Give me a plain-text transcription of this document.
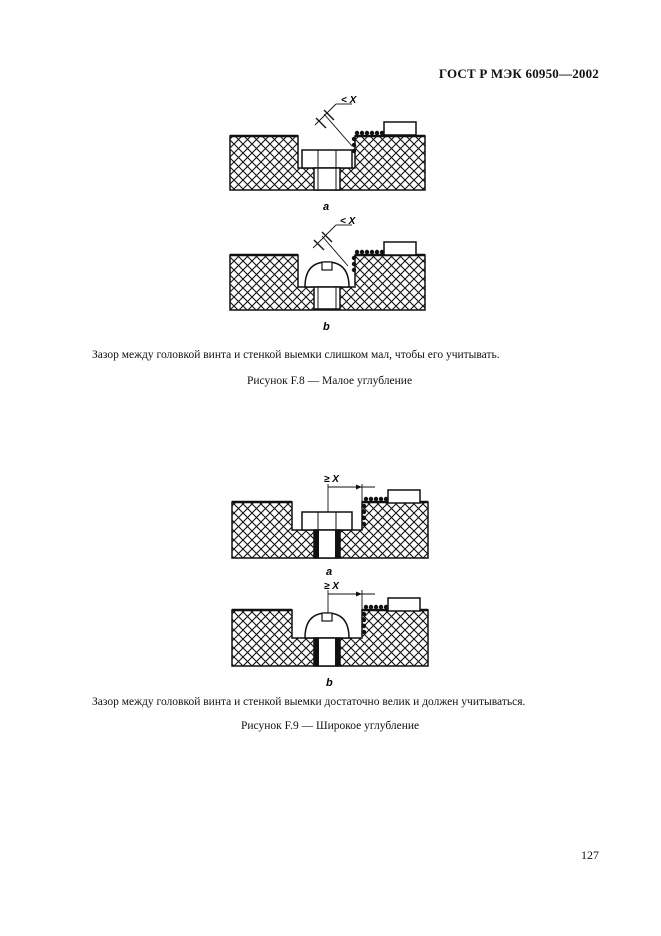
ГОСТ Р МЭК 60950—2002
< X
a
< X
b
≥ X
a
≥ X
b
Зазор между головкой винта и стенкой выемки слишком мал, чтобы его учитывать.
Рисунок F.8 — Малое углубление
Зазор между головкой винта и стенкой выемки достаточно велик и должен учитываться.
Рисунок F.9 — Широкое углубление
127
